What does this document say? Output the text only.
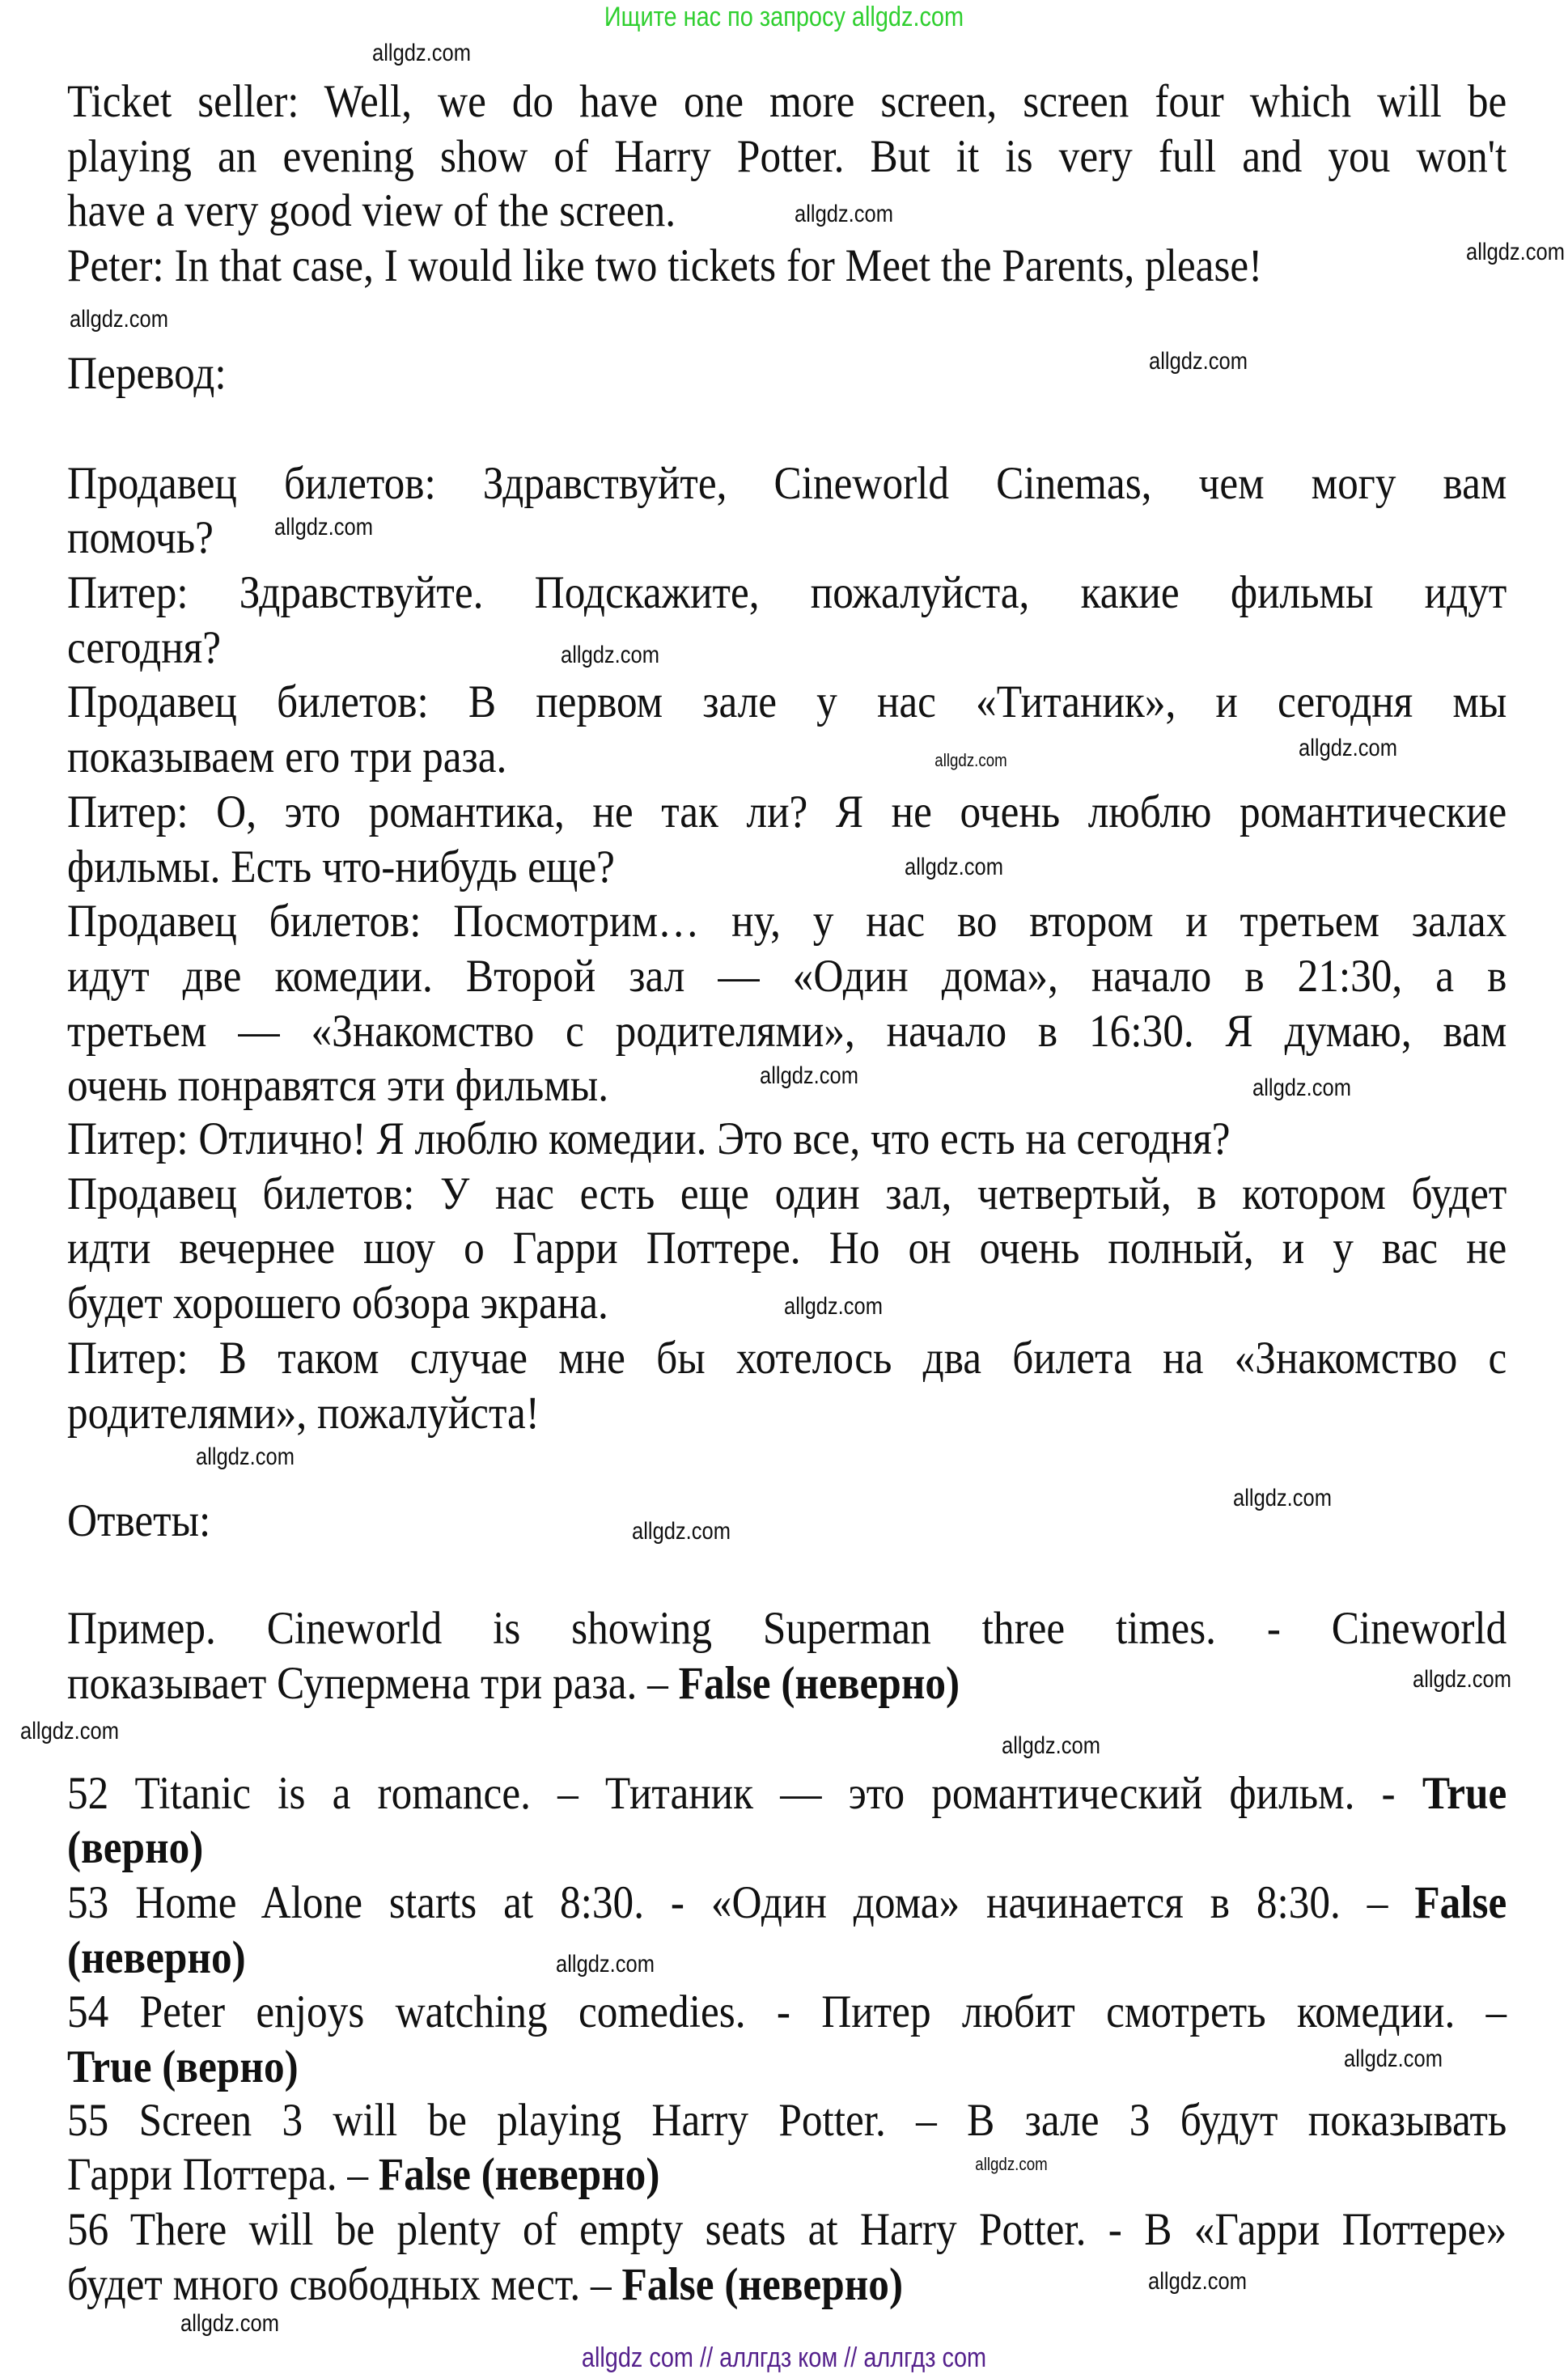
Ищите нас по запросу allgdz.com
Ticket seller: Well, we do have one more screen, screen four which will be
playing an evening show of Harry Potter. But it is very full and you won't
have a very good view of the screen.
Peter: In that case, I would like two tickets for Meet the Parents, please!
Перевод:
Продавец билетов: Здравствуйте, Cineworld Cinemas, чем могу вам
помочь?
Питер: Здравствуйте. Подскажите, пожалуйста, какие фильмы идут
сегодня?
Продавец билетов: В первом зале у нас «Титаник», и сегодня мы
показываем его три раза.
Питер: О, это романтика, не так ли? Я не очень люблю романтические
фильмы. Есть что-нибудь еще?
Продавец билетов: Посмотрим… ну, у нас во втором и третьем залах
идут две комедии. Второй зал — «Один дома», начало в 21:30, а в
третьем — «Знакомство с родителями», начало в 16:30. Я думаю, вам
очень понравятся эти фильмы.
Питер: Отлично! Я люблю комедии. Это все, что есть на сегодня?
Продавец билетов: У нас есть еще один зал, четвертый, в котором будет
идти вечернее шоу о Гарри Поттере. Но он очень полный, и у вас не
будет хорошего обзора экрана.
Питер: В таком случае мне бы хотелось два билета на «Знакомство с
родителями», пожалуйста!
Ответы:
Пример. Cineworld is showing Superman three times. - Cineworld
показывает Супермена три раза. – False (неверно)
52 Titanic is a romance. – Титаник — это романтический фильм. - True
(верно)
53 Home Alone starts at 8:30. - «Один дома» начинается в 8:30. – False
(неверно)
54 Peter enjoys watching comedies. - Питер любит смотреть комедии. –
True (верно)
55 Screen 3 will be playing Harry Potter. – В зале 3 будут показывать
Гарри Поттера. – False (неверно)
56 There will be plenty of empty seats at Harry Potter. - В «Гарри Поттере»
будет много свободных мест. – False (неверно)
allgdz.com
allgdz.com
allgdz.com
allgdz.com
allgdz.com
allgdz.com
allgdz.com
allgdz.com
allgdz.com
allgdz.com
allgdz.com	allgdz.com
allgdz.com
allgdz.com
allgdz.com
allgdz.com
allgdz.com
allgdz.com
allgdz.com
allgdz.com
allgdz.com
allgdz.com
allgdz.com
allgdz.com
allgdz com // аллгдз ком // аллгдз com
